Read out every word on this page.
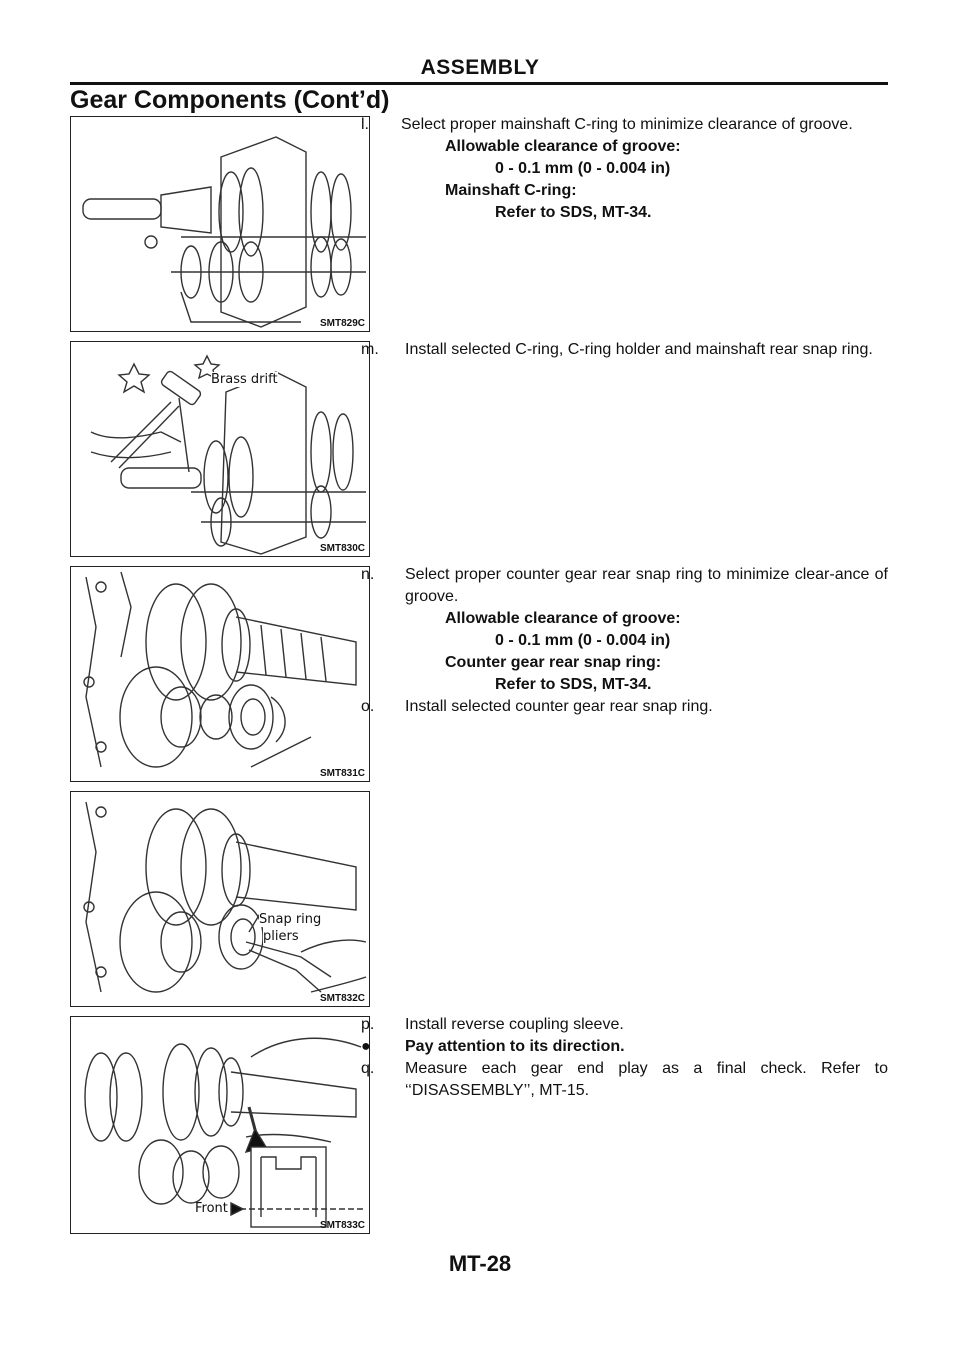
ASSEMBLY
Gear Components (Cont’d)
SMT829C
Brass drift
SMT830C
SMT831C
Snap ring
pliers
SMT832C
Front
SMT833C

l. Select proper mainshaft C-ring to minimize clearance of groove.

Allowable clearance of groove:
0 - 0.1 mm (0 - 0.004 in)
Mainshaft C-ring:
Refer to SDS, MT-34.

m. Install selected C-ring, C-ring holder and mainshaft rear snap ring.

n. Select proper counter gear rear snap ring to minimize clear-ance of groove.

Allowable clearance of groove:
0 - 0.1 mm (0 - 0.004 in)
Counter gear rear snap ring:
Refer to SDS, MT-34.

o. Install selected counter gear rear snap ring.

p. Install reverse coupling sleeve.

● Pay attention to its direction.

q. Measure each gear end play as a final check. Refer to ‘‘DISASSEMBLY’’, MT-15.

MT-28
